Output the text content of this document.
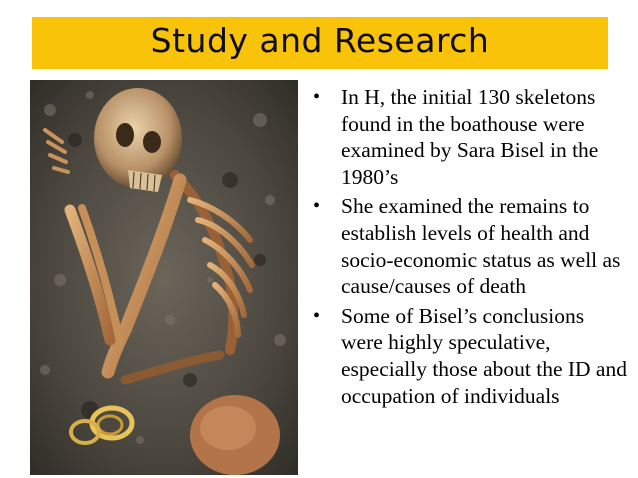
Study and Research
• In H, the initial 130 skeletons found in the boathouse were examined by Sara Bisel in the 1980’s
• She examined the remains to establish levels of health and socio-economic status as well as cause/causes of death
• Some of Bisel’s conclusions were highly speculative, especially those about the ID and occupation of individuals
